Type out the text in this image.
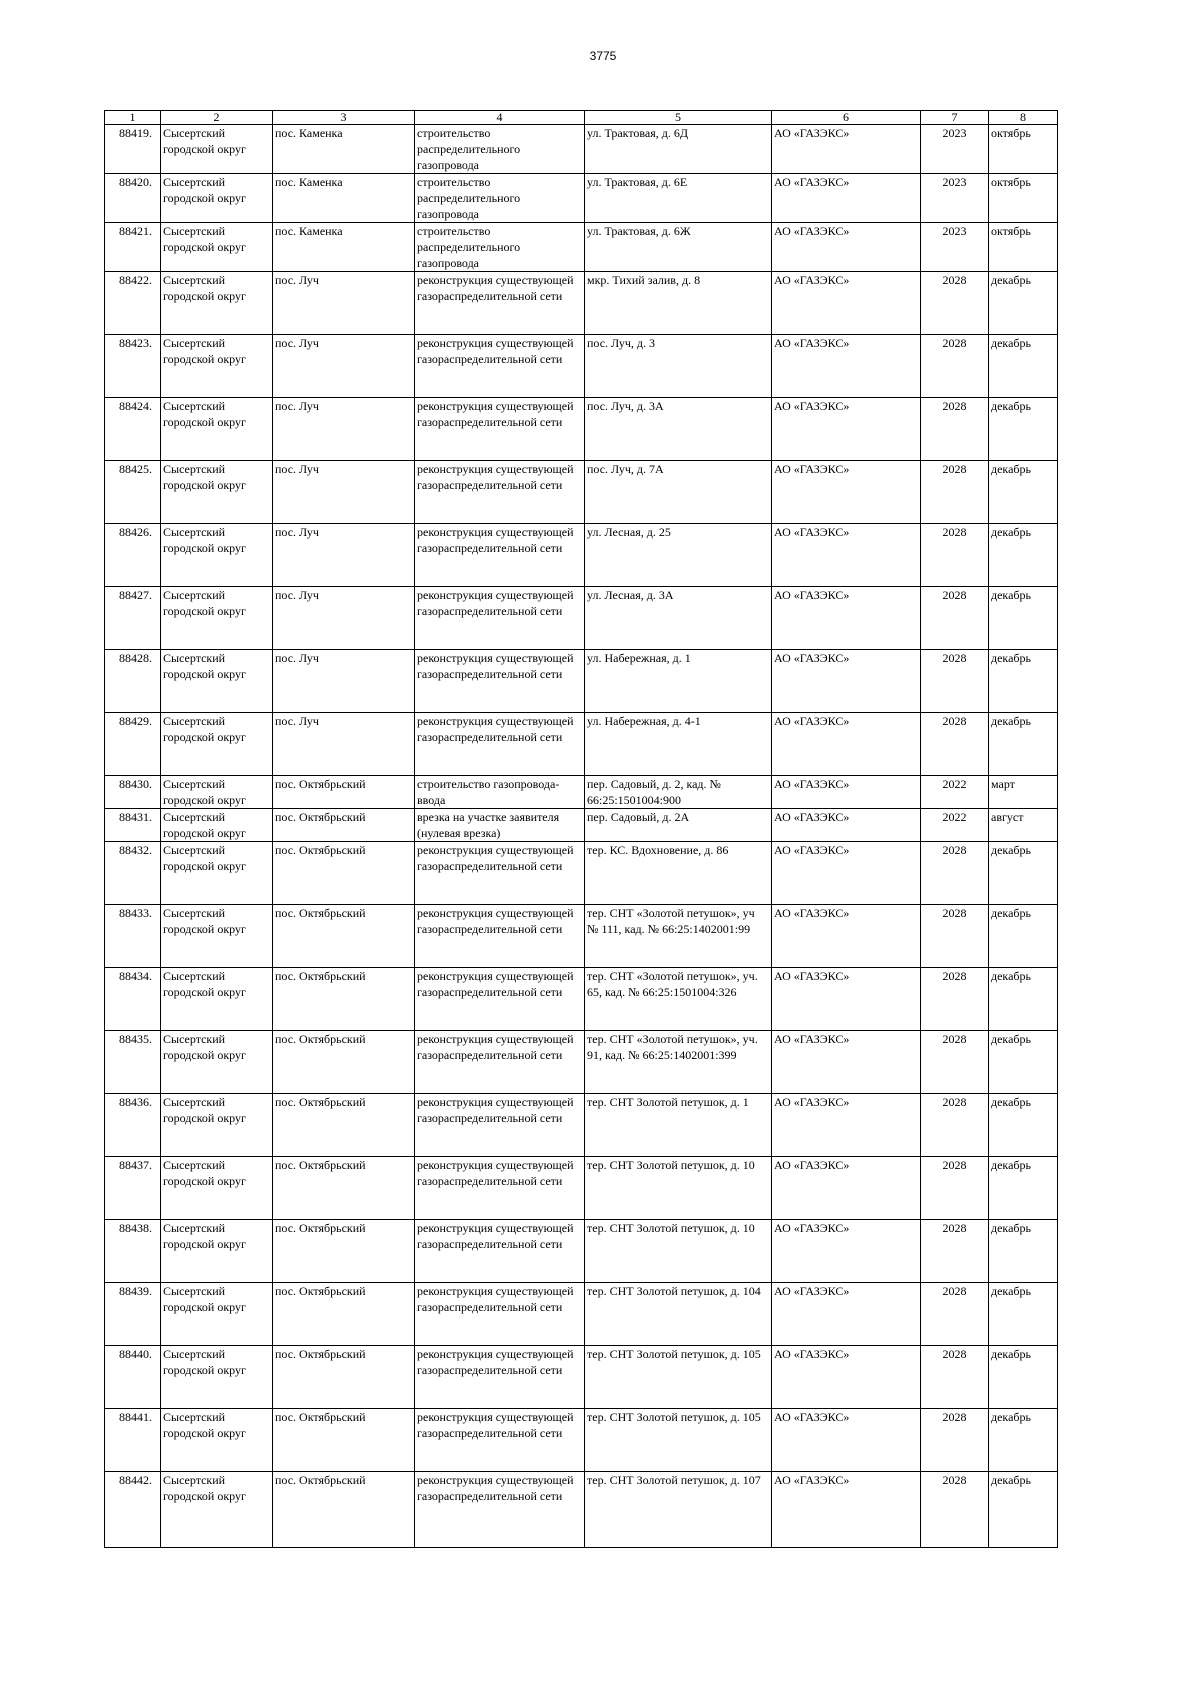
3775
1	2	3	4	5	6	7	8
88419.	Сысертский городской округ	пос. Каменка	строительство распределительного газопровода	ул. Трактовая, д. 6Д	АО «ГАЗЭКС»	2023	октябрь
88420.	Сысертский городской округ	пос. Каменка	строительство распределительного газопровода	ул. Трактовая, д. 6Е	АО «ГАЗЭКС»	2023	октябрь
88421.	Сысертский городской округ	пос. Каменка	строительство распределительного газопровода	ул. Трактовая, д. 6Ж	АО «ГАЗЭКС»	2023	октябрь
88422.	Сысертский городской округ	пос. Луч	реконструкция существующей газораспределительной сети	мкр. Тихий залив, д. 8	АО «ГАЗЭКС»	2028	декабрь
88423.	Сысертский городской округ	пос. Луч	реконструкция существующей газораспределительной сети	пос. Луч, д. 3	АО «ГАЗЭКС»	2028	декабрь
88424.	Сысертский городской округ	пос. Луч	реконструкция существующей газораспределительной сети	пос. Луч, д. 3А	АО «ГАЗЭКС»	2028	декабрь
88425.	Сысертский городской округ	пос. Луч	реконструкция существующей газораспределительной сети	пос. Луч, д. 7А	АО «ГАЗЭКС»	2028	декабрь
88426.	Сысертский городской округ	пос. Луч	реконструкция существующей газораспределительной сети	ул. Лесная, д. 25	АО «ГАЗЭКС»	2028	декабрь
88427.	Сысертский городской округ	пос. Луч	реконструкция существующей газораспределительной сети	ул. Лесная, д. 3А	АО «ГАЗЭКС»	2028	декабрь
88428.	Сысертский городской округ	пос. Луч	реконструкция существующей газораспределительной сети	ул. Набережная, д. 1	АО «ГАЗЭКС»	2028	декабрь
88429.	Сысертский городской округ	пос. Луч	реконструкция существующей газораспределительной сети	ул. Набережная, д. 4-1	АО «ГАЗЭКС»	2028	декабрь
88430.	Сысертский городской округ	пос. Октябрьский	строительство газопровода-ввода	пер. Садовый, д. 2, кад. № 66:25:1501004:900	АО «ГАЗЭКС»	2022	март
88431.	Сысертский городской округ	пос. Октябрьский	врезка на участке заявителя (нулевая врезка)	пер. Садовый, д. 2А	АО «ГАЗЭКС»	2022	август
88432.	Сысертский городской округ	пос. Октябрьский	реконструкция существующей газораспределительной сети	тер. КС. Вдохновение, д. 86	АО «ГАЗЭКС»	2028	декабрь
88433.	Сысертский городской округ	пос. Октябрьский	реконструкция существующей газораспределительной сети	тер. СНТ «Золотой петушок», уч № 111, кад. № 66:25:1402001:99	АО «ГАЗЭКС»	2028	декабрь
88434.	Сысертский городской округ	пос. Октябрьский	реконструкция существующей газораспределительной сети	тер. СНТ «Золотой петушок», уч. 65, кад. № 66:25:1501004:326	АО «ГАЗЭКС»	2028	декабрь
88435.	Сысертский городской округ	пос. Октябрьский	реконструкция существующей газораспределительной сети	тер. СНТ «Золотой петушок», уч. 91, кад. № 66:25:1402001:399	АО «ГАЗЭКС»	2028	декабрь
88436.	Сысертский городской округ	пос. Октябрьский	реконструкция существующей газораспределительной сети	тер. СНТ Золотой петушок, д. 1	АО «ГАЗЭКС»	2028	декабрь
88437.	Сысертский городской округ	пос. Октябрьский	реконструкция существующей газораспределительной сети	тер. СНТ Золотой петушок, д. 10	АО «ГАЗЭКС»	2028	декабрь
88438.	Сысертский городской округ	пос. Октябрьский	реконструкция существующей газораспределительной сети	тер. СНТ Золотой петушок, д. 10	АО «ГАЗЭКС»	2028	декабрь
88439.	Сысертский городской округ	пос. Октябрьский	реконструкция существующей газораспределительной сети	тер. СНТ Золотой петушок, д. 104	АО «ГАЗЭКС»	2028	декабрь
88440.	Сысертский городской округ	пос. Октябрьский	реконструкция существующей газораспределительной сети	тер. СНТ Золотой петушок, д. 105	АО «ГАЗЭКС»	2028	декабрь
88441.	Сысертский городской округ	пос. Октябрьский	реконструкция существующей газораспределительной сети	тер. СНТ Золотой петушок, д. 105	АО «ГАЗЭКС»	2028	декабрь
88442.	Сысертский городской округ	пос. Октябрьский	реконструкция существующей газораспределительной сети	тер. СНТ Золотой петушок, д. 107	АО «ГАЗЭКС»	2028	декабрь
